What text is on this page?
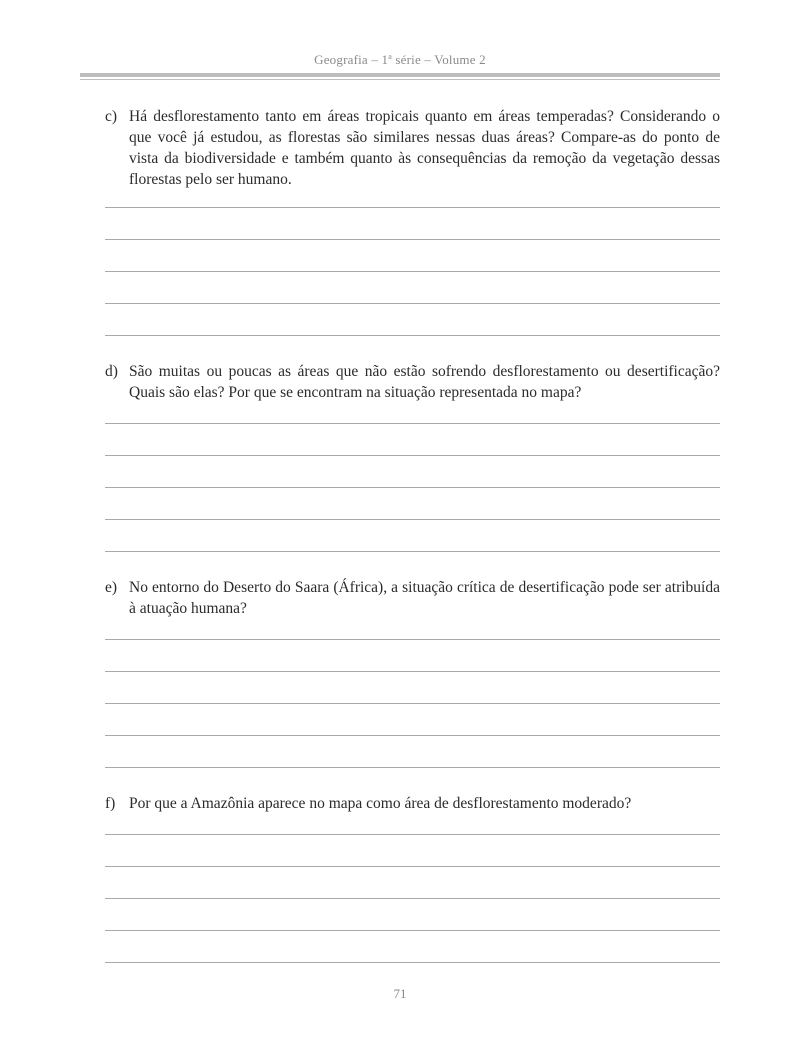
Geografia – 1$^a$ série – Volume 2

c) Há desflorestamento tanto em áreas tropicais quanto em áreas temperadas? Considerando o que você já estudou, as florestas são similares nessas duas áreas? Compare-as do ponto de vista da biodiversidade e também quanto às consequências da remoção da vegetação dessas florestas pelo ser humano.

d) São muitas ou poucas as áreas que não estão sofrendo desflorestamento ou desertificação? Quais são elas? Por que se encontram na situação representada no mapa?

e) No entorno do Deserto do Saara (África), a situação crítica de desertificação pode ser atribuída à atuação humana?

f) Por que a Amazônia aparece no mapa como área de desflorestamento moderado?

71
